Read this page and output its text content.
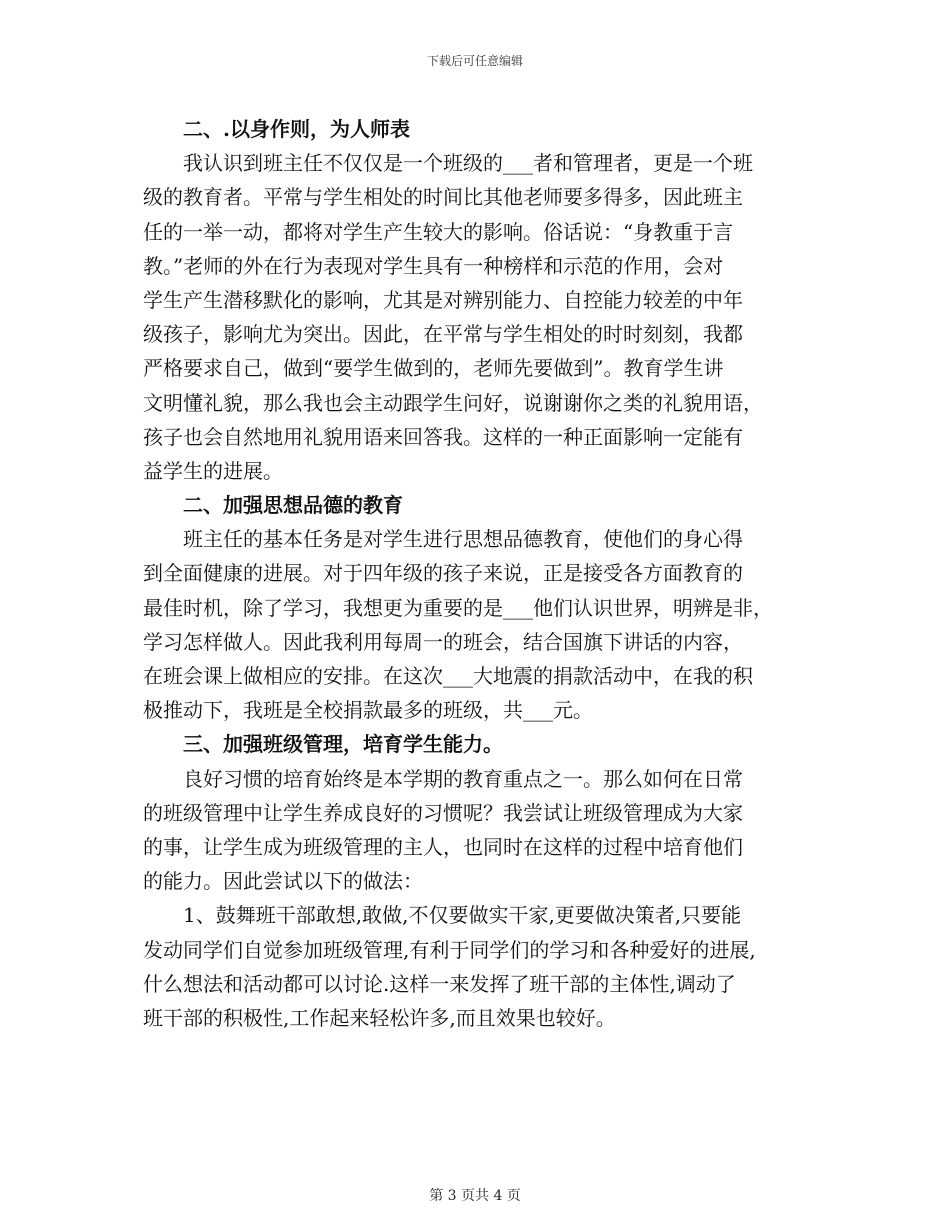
下载后可任意编辑
二、.以身作则，为人师表
我认识到班主任不仅仅是一个班级的___者和管理者，更是一个班
级的教育者。平常与学生相处的时间比其他老师要多得多，因此班主
任的一举一动，都将对学生产生较大的影响。俗话说：“身教重于言
教。”老师的外在行为表现对学生具有一种榜样和示范的作用，会对
学生产生潜移默化的影响，尤其是对辨别能力、自控能力较差的中年
级孩子，影响尤为突出。因此，在平常与学生相处的时时刻刻，我都
严格要求自己，做到“要学生做到的，老师先要做到”。教育学生讲
文明懂礼貌，那么我也会主动跟学生问好，说谢谢你之类的礼貌用语，
孩子也会自然地用礼貌用语来回答我。这样的一种正面影响一定能有
益学生的进展。
二、加强思想品德的教育
班主任的基本任务是对学生进行思想品德教育，使他们的身心得
到全面健康的进展。对于四年级的孩子来说，正是接受各方面教育的
最佳时机，除了学习，我想更为重要的是___他们认识世界，明辨是非，
学习怎样做人。因此我利用每周一的班会，结合国旗下讲话的内容，
在班会课上做相应的安排。在这次___大地震的捐款活动中，在我的积
极推动下，我班是全校捐款最多的班级，共___元。
三、加强班级管理，培育学生能力。
良好习惯的培育始终是本学期的教育重点之一。那么如何在日常
的班级管理中让学生养成良好的习惯呢？我尝试让班级管理成为大家
的事，让学生成为班级管理的主人，也同时在这样的过程中培育他们
的能力。因此尝试以下的做法：
1、鼓舞班干部敢想,敢做,不仅要做实干家,更要做决策者,只要能
发动同学们自觉参加班级管理,有利于同学们的学习和各种爱好的进展,
什么想法和活动都可以讨论.这样一来发挥了班干部的主体性,调动了
班干部的积极性,工作起来轻松许多,而且效果也较好。
第 3 页共 4 页
